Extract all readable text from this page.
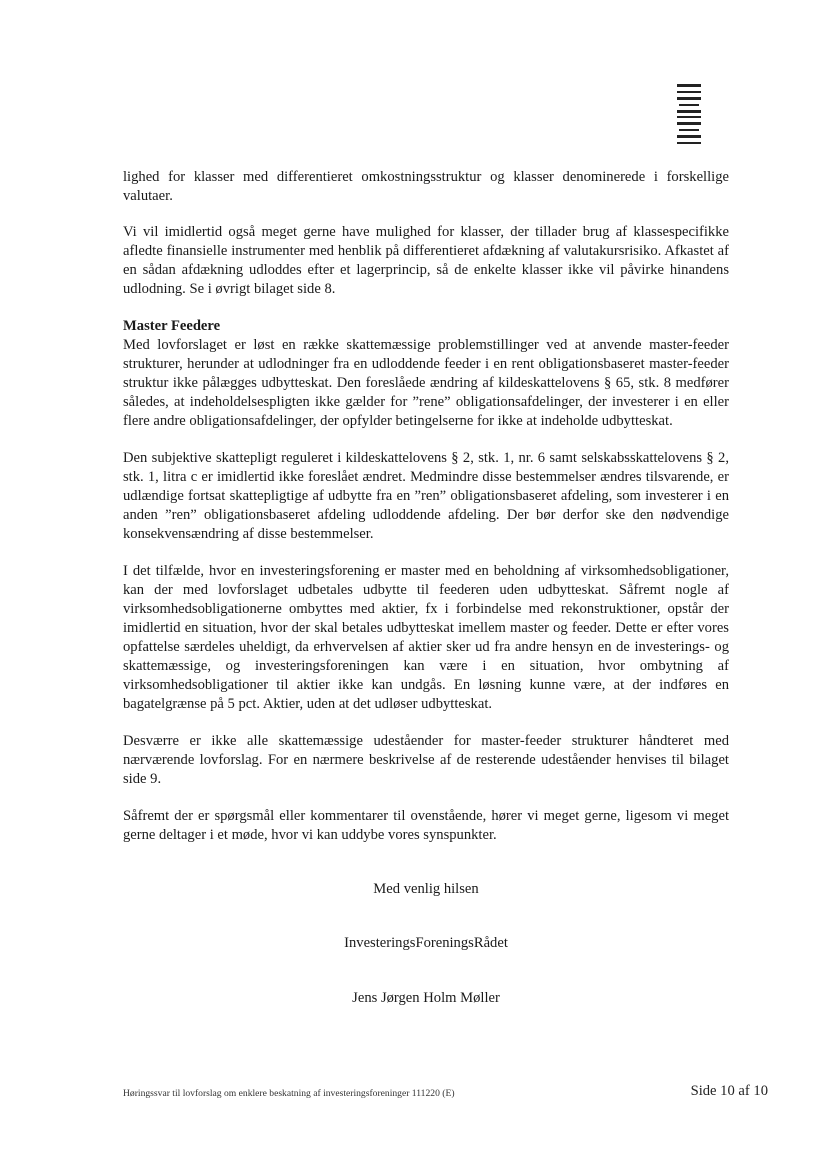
lighed for klasser med differentieret omkostningsstruktur og klasser denominerede i forskellige valutaer.

Vi vil imidlertid også meget gerne have mulighed for klasser, der tillader brug af klassespecifikke afledte finansielle instrumenter med henblik på differentieret afdækning af valutakursrisiko. Afkastet af en sådan afdækning udloddes efter et lagerprincip, så de enkelte klasser ikke vil påvirke hinandens udlodning. Se i øvrigt bilaget side 8.

Master Feedere

Med lovforslaget er løst en række skattemæssige problemstillinger ved at anvende master-feeder strukturer, herunder at udlodninger fra en udloddende feeder i en rent obligationsbaseret master-feeder struktur ikke pålægges udbytteskat. Den foreslåede ændring af kildeskattelovens § 65, stk. 8 medfører således, at indeholdelsespligten ikke gælder for ”rene” obligationsafdelinger, der investerer i en eller flere andre obligationsafdelinger, der opfylder betingelserne for ikke at indeholde udbytteskat.

Den subjektive skattepligt reguleret i kildeskattelovens § 2, stk. 1, nr. 6 samt selskabsskattelovens § 2, stk. 1, litra c er imidlertid ikke foreslået ændret. Medmindre disse bestemmelser ændres tilsvarende, er udlændige fortsat skattepligtige af udbytte fra en ”ren” obligationsbaseret afdeling, som investerer i en anden ”ren” obligationsbaseret afdeling udloddende afdeling. Der bør derfor ske den nødvendige konsekvensændring af disse bestemmelser.

I det tilfælde, hvor en investeringsforening er master med en beholdning af virksomhedsobligationer, kan der med lovforslaget udbetales udbytte til feederen uden udbytteskat. Såfremt nogle af virksomhedsobligationerne ombyttes med aktier, fx i forbindelse med rekonstruktioner, opstår der imidlertid en situation, hvor der skal betales udbytteskat imellem master og feeder. Dette er efter vores opfattelse særdeles uheldigt, da erhvervelsen af aktier sker ud fra andre hensyn en de investerings- og skattemæssige, og investeringsforeningen kan være i en situation, hvor ombytning af virksomhedsobligationer til aktier ikke kan undgås. En løsning kunne være, at der indføres en bagatelgrænse på 5 pct. Aktier, uden at det udløser udbytteskat.

Desværre er ikke alle skattemæssige udeståender for master-feeder strukturer håndteret med nærværende lovforslag. For en nærmere beskrivelse af de resterende udeståender henvises til bilaget side 9.

Såfremt der er spørgsmål eller kommentarer til ovenstående, hører vi meget gerne, ligesom vi meget gerne deltager i et møde, hvor vi kan uddybe vores synspunkter.

Med venlig hilsen
InvesteringsForeningsRådet
Jens Jørgen Holm Møller
Høringssvar til lovforslag om enklere beskatning af investeringsforeninger 111220 (E)	Side 10 af 10
